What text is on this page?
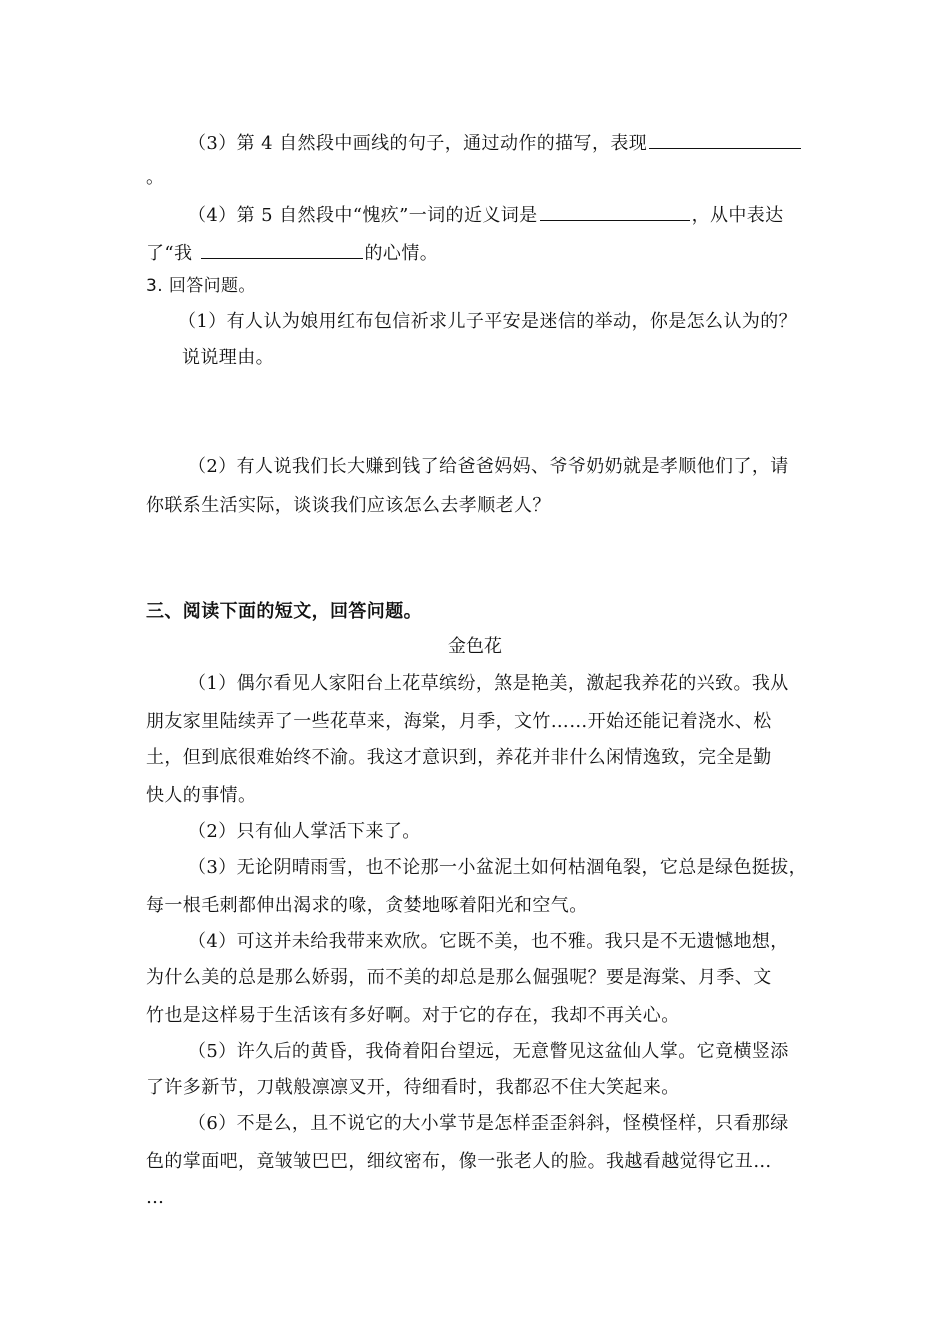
（3）第 4 自然段中画线的句子，通过动作的描写，表现
。
（4）第 5 自然段中“愧疚”一词的近义词是	，从中表达
了“我	的心情。
3. 回答问题。
（1）有人认为娘用红布包信祈求儿子平安是迷信的举动，你是怎么认为的？
说说理由。
（2）有人说我们长大赚到钱了给爸爸妈妈、爷爷奶奶就是孝顺他们了，请
你联系生活实际，谈谈我们应该怎么去孝顺老人？
三、阅读下面的短文，回答问题。
金色花
（1）偶尔看见人家阳台上花草缤纷，煞是艳美，激起我养花的兴致。我从
朋友家里陆续弄了一些花草来，海棠，月季，文竹……开始还能记着浇水、松
土，但到底很难始终不渝。我这才意识到，养花并非什么闲情逸致，完全是勤
快人的事情。
（2）只有仙人掌活下来了。
（3）无论阴晴雨雪，也不论那一小盆泥土如何枯涸龟裂，它总是绿色挺拔，
每一根毛刺都伸出渴求的喙，贪婪地啄着阳光和空气。
（4）可这并未给我带来欢欣。它既不美，也不雅。我只是不无遗憾地想，
为什么美的总是那么娇弱，而不美的却总是那么倔强呢？要是海棠、月季、文
竹也是这样易于生活该有多好啊。对于它的存在，我却不再关心。
（5）许久后的黄昏，我倚着阳台望远，无意瞥见这盆仙人掌。它竟横竖添
了许多新节，刀戟般凛凛叉开，待细看时，我都忍不住大笑起来。
（6）不是么，且不说它的大小掌节是怎样歪歪斜斜，怪模怪样，只看那绿
色的掌面吧，竟皱皱巴巴，细纹密布，像一张老人的脸。我越看越觉得它丑…
…
